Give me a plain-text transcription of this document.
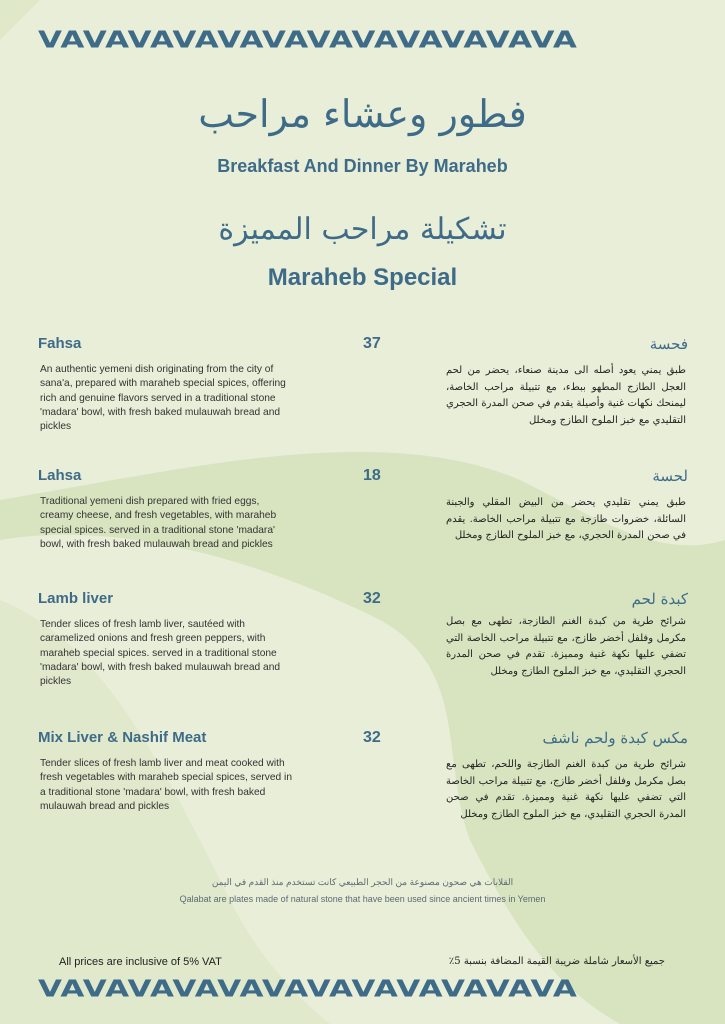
VAVAVAVAVAVAVAVAVAVAVAVA
فطور وعشاء مراحب
Breakfast And Dinner By Maraheb
تشكيلة مراحب المميزة
Maraheb Special
Fahsa	37
An authentic yemeni dish originating from the city of sana'a, prepared with maraheb special spices, offering rich and genuine flavors served in a traditional stone 'madara' bowl, with fresh baked mulauwah bread and pickles
فحسة
طبق يمني يعود أصله الى مدينة صنعاء، يحضر من لحم العجل الطازج المطهو ببطء، مع تتبيلة مراحب الخاصة، ليمنحك نكهات غنية وأصيلة يقدم في صحن المدرة الحجري التقليدي مع خبز الملوح الطازج ومخلل
Lahsa	18
Traditional yemeni dish prepared with fried eggs, creamy cheese, and fresh vegetables, with maraheb special spices. served in a traditional stone 'madara' bowl, with fresh baked mulauwah bread and pickles
لحسة
طبق يمني تقليدي يحضر من البيض المقلي والجبنة السائلة، خضروات طازجة مع تتبيلة مراحب الخاصة. يقدم في صحن المدرة الحجري، مع خبز الملوح الطازج ومخلل
Lamb liver	32
Tender slices of fresh lamb liver, sautéed with caramelized onions and fresh green peppers, with maraheb special spices. served in a traditional stone 'madara' bowl, with fresh baked mulauwah bread and pickles
كبدة لحم
شرائح طرية من كبدة الغنم الطازجة، تطهى مع بصل مكرمل وفلفل أخضر طازج، مع تتبيلة مراحب الخاصة التي تضفي عليها نكهة غنية ومميزة. تقدم في صحن المدرة الحجري التقليدي، مع خبز الملوح الطازج ومخلل
Mix Liver & Nashif Meat	32
Tender slices of fresh lamb liver and meat cooked with fresh vegetables with maraheb special spices, served in a traditional stone 'madara' bowl, with fresh baked mulauwah bread and pickles
مكس كبدة ولحم ناشف
شرائح طرية من كبدة الغنم الطازجة واللحم، تطهى مع بصل مكرمل وفلفل أخضر طازج، مع تتبيلة مراحب الخاصة التي تضفي عليها نكهة غنية ومميزة. تقدم في صحن المدرة الحجري التقليدي، مع خبز الملوح الطازج ومخلل
القلابات هي صحون مصنوعة من الحجر الطبيعي كانت تستخدم منذ القدم في اليمن
Qalabat are plates made of natural stone that have been used since ancient times in Yemen
All prices are inclusive of 5% VAT	جميع الأسعار شاملة ضريبة القيمة المضافة بنسبة 5٪
VAVAVAVAVAVAVAVAVAVAVAVA
